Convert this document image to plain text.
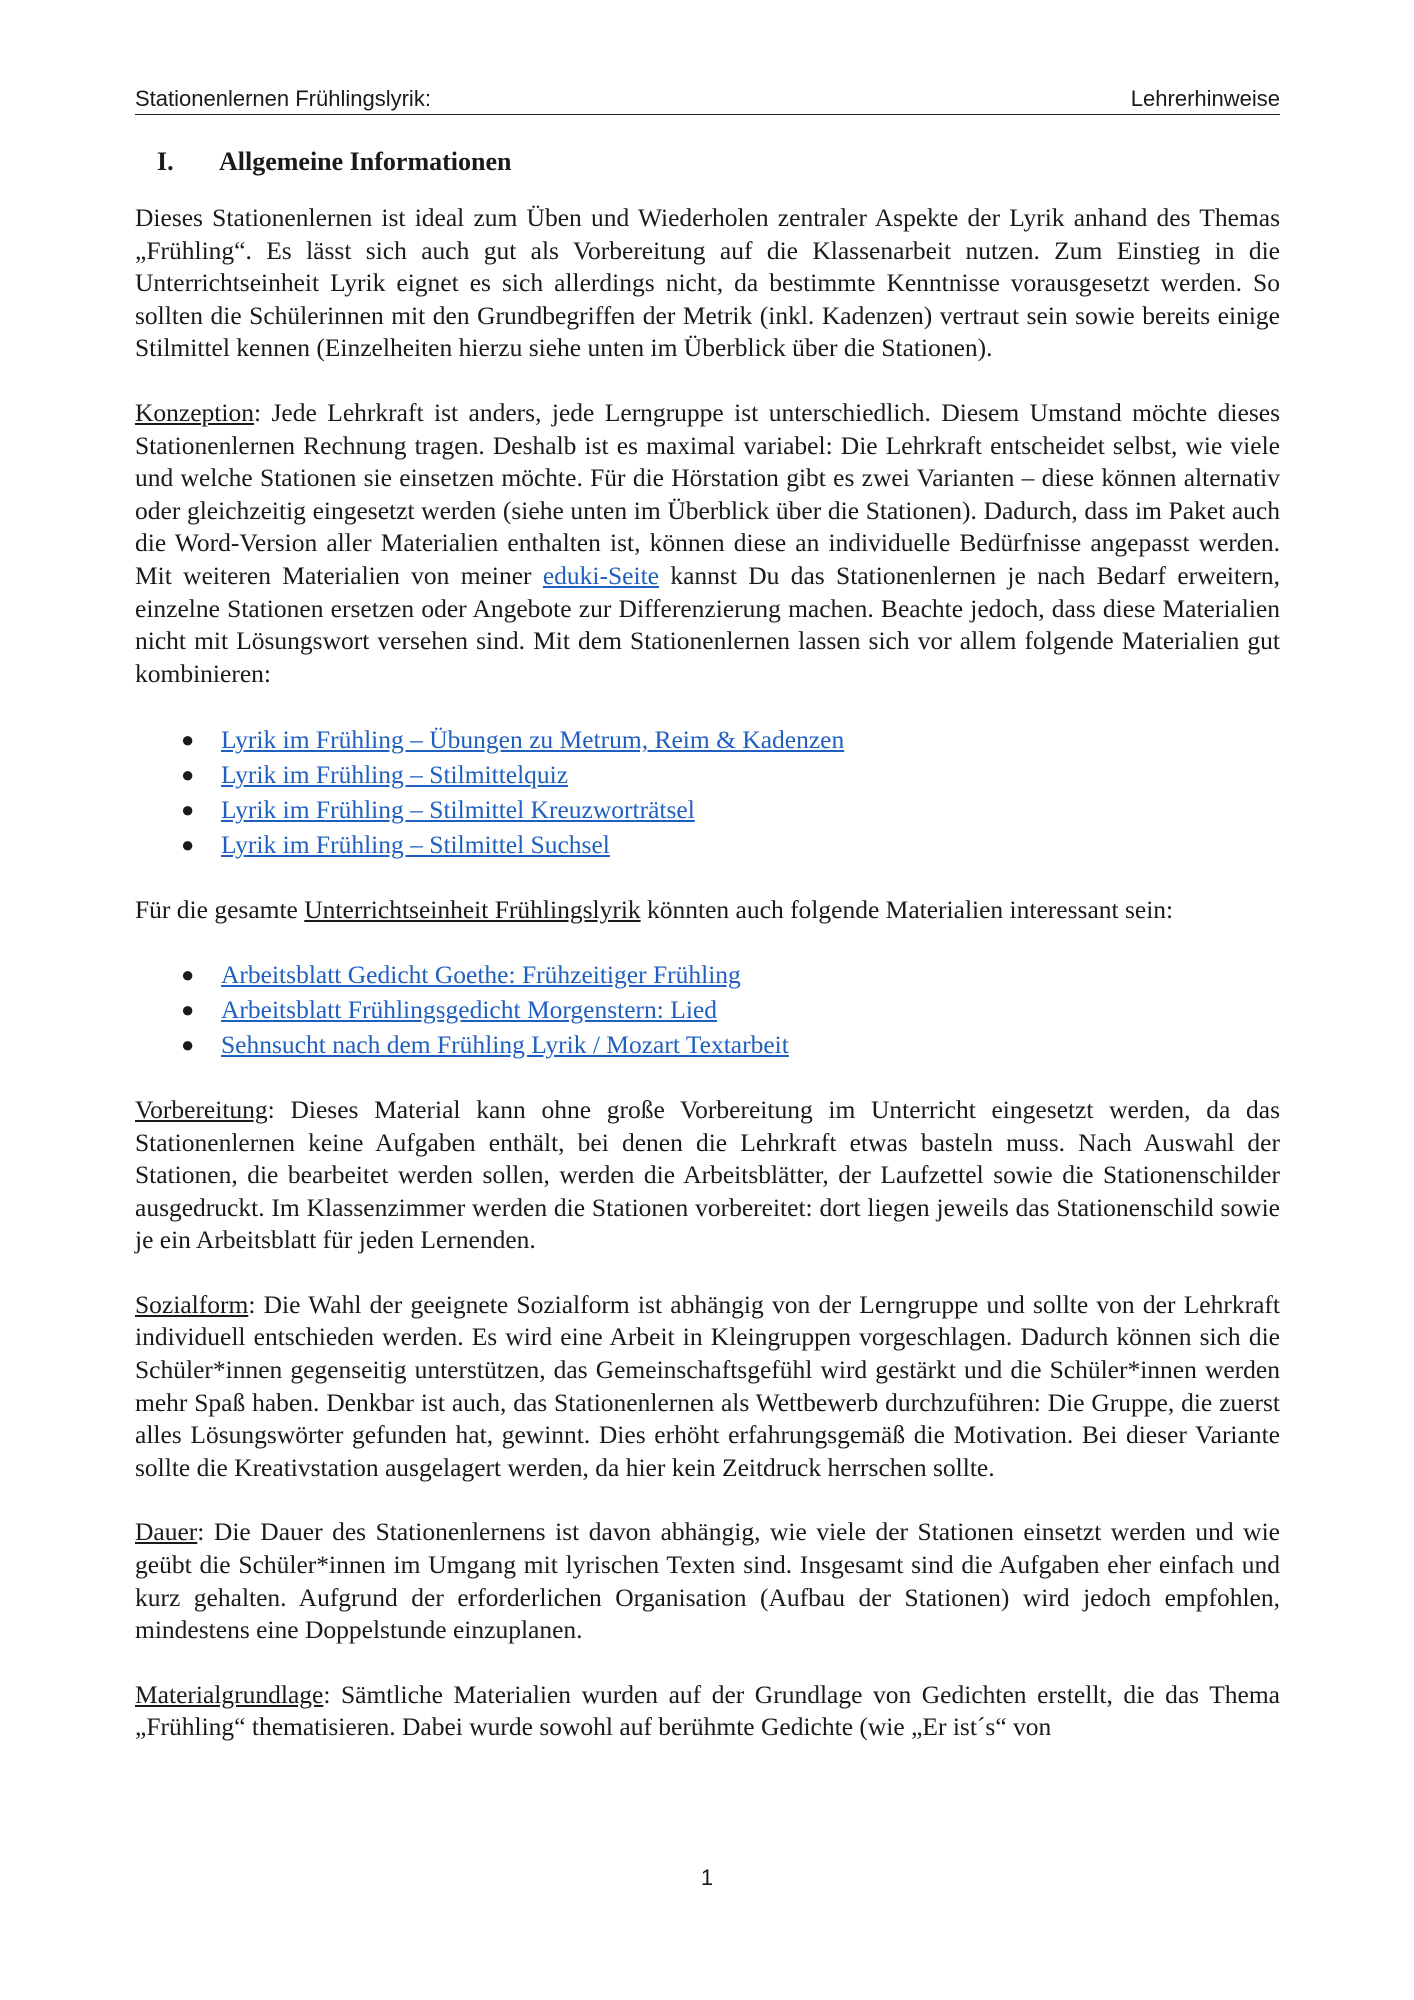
Stationenlernen Frühlingslyrik:	Lehrerhinweise
I. Allgemeine Informationen

Dieses Stationenlernen ist ideal zum Üben und Wiederholen zentraler Aspekte der Lyrik anhand des Themas „Frühling“. Es lässt sich auch gut als Vorbereitung auf die Klassenarbeit nutzen. Zum Einstieg in die Unterrichtseinheit Lyrik eignet es sich allerdings nicht, da bestimmte Kenntnisse vorausgesetzt werden. So sollten die Schülerinnen mit den Grundbegriffen der Metrik (inkl. Kadenzen) vertraut sein sowie bereits einige Stilmittel kennen (Einzelheiten hierzu siehe unten im Überblick über die Stationen).

Konzeption: Jede Lehrkraft ist anders, jede Lerngruppe ist unterschiedlich. Diesem Umstand möchte dieses Stationenlernen Rechnung tragen. Deshalb ist es maximal variabel: Die Lehrkraft entscheidet selbst, wie viele und welche Stationen sie einsetzen möchte. Für die Hörstation gibt es zwei Varianten – diese können alternativ oder gleichzeitig eingesetzt werden (siehe unten im Überblick über die Stationen). Dadurch, dass im Paket auch die Word-Version aller Materialien enthalten ist, können diese an individuelle Bedürfnisse angepasst werden. Mit weiteren Materialien von meiner eduki-Seite kannst Du das Stationenlernen je nach Bedarf erweitern, einzelne Stationen ersetzen oder Angebote zur Differenzierung machen. Beachte jedoch, dass diese Materialien nicht mit Lösungswort versehen sind. Mit dem Stationenlernen lassen sich vor allem folgende Materialien gut kombinieren:

● Lyrik im Frühling – Übungen zu Metrum, Reim & Kadenzen
● Lyrik im Frühling – Stilmittelquiz
● Lyrik im Frühling – Stilmittel Kreuzworträtsel
● Lyrik im Frühling – Stilmittel Suchsel

Für die gesamte Unterrichtseinheit Frühlingslyrik könnten auch folgende Materialien interessant sein:

● Arbeitsblatt Gedicht Goethe: Frühzeitiger Frühling
● Arbeitsblatt Frühlingsgedicht Morgenstern: Lied
● Sehnsucht nach dem Frühling Lyrik / Mozart Textarbeit

Vorbereitung: Dieses Material kann ohne große Vorbereitung im Unterricht eingesetzt werden, da das Stationenlernen keine Aufgaben enthält, bei denen die Lehrkraft etwas basteln muss. Nach Auswahl der Stationen, die bearbeitet werden sollen, werden die Arbeitsblätter, der Laufzettel sowie die Stationenschilder ausgedruckt. Im Klassenzimmer werden die Stationen vorbereitet: dort liegen jeweils das Stationenschild sowie je ein Arbeitsblatt für jeden Lernenden.

Sozialform: Die Wahl der geeignete Sozialform ist abhängig von der Lerngruppe und sollte von der Lehrkraft individuell entschieden werden. Es wird eine Arbeit in Kleingruppen vorgeschlagen. Dadurch können sich die Schüler*innen gegenseitig unterstützen, das Gemeinschaftsgefühl wird gestärkt und die Schüler*innen werden mehr Spaß haben. Denkbar ist auch, das Stationenlernen als Wettbewerb durchzuführen: Die Gruppe, die zuerst alles Lösungswörter gefunden hat, gewinnt. Dies erhöht erfahrungsgemäß die Motivation. Bei dieser Variante sollte die Kreativstation ausgelagert werden, da hier kein Zeitdruck herrschen sollte.

Dauer: Die Dauer des Stationenlernens ist davon abhängig, wie viele der Stationen einsetzt werden und wie geübt die Schüler*innen im Umgang mit lyrischen Texten sind. Insgesamt sind die Aufgaben eher einfach und kurz gehalten. Aufgrund der erforderlichen Organisation (Aufbau der Stationen) wird jedoch empfohlen, mindestens eine Doppelstunde einzuplanen.

Materialgrundlage: Sämtliche Materialien wurden auf der Grundlage von Gedichten erstellt, die das Thema „Frühling“ thematisieren. Dabei wurde sowohl auf berühmte Gedichte (wie „Er ist´s“ von

1
